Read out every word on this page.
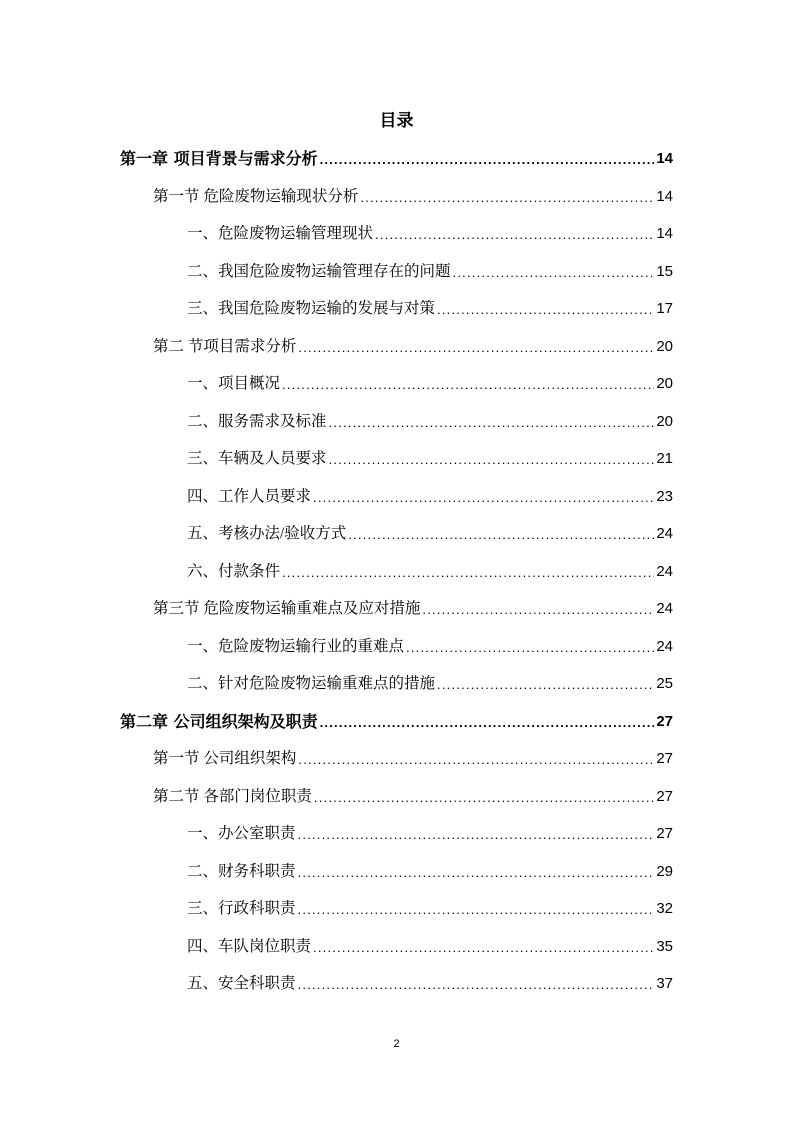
目录
第一章 项目背景与需求分析 .....	14
第一节 危险废物运输现状分析 .....	14
一、危险废物运输管理现状 .....	14
二、我国危险废物运输管理存在的问题 .....	15
三、我国危险废物运输的发展与对策 .....	17
第二 节项目需求分析 .....	20
一、项目概况 .....	20
二、服务需求及标准 .....	20
三、车辆及人员要求 .....	21
四、工作人员要求 .....	23
五、考核办法/验收方式 .....	24
六、付款条件 .....	24
第三节 危险废物运输重难点及应对措施 .....	24
一、危险废物运输行业的重难点 .....	24
二、针对危险废物运输重难点的措施 .....	25
第二章 公司组织架构及职责 .....	27
第一节 公司组织架构 .....	27
第二节 各部门岗位职责 .....	27
一、办公室职责 .....	27
二、财务科职责 .....	29
三、行政科职责 .....	32
四、车队岗位职责 .....	35
五、安全科职责 .....	37
2
